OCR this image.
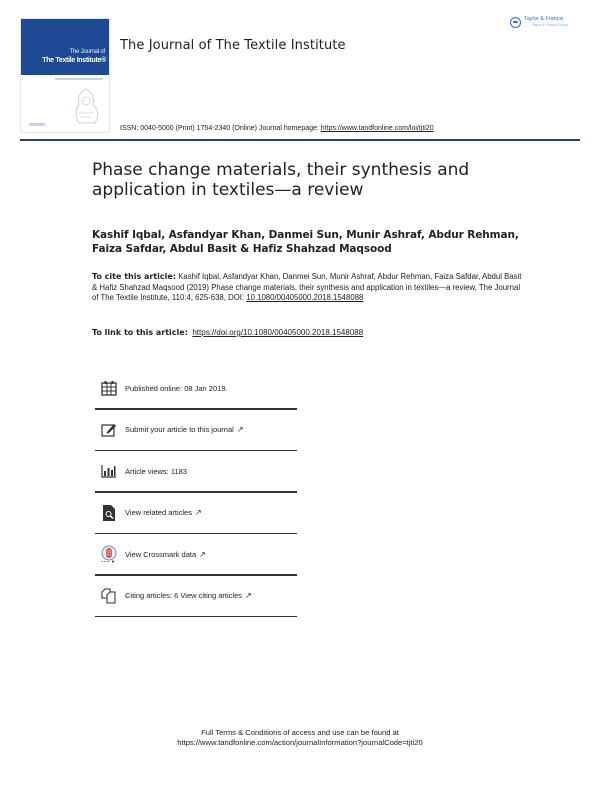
The Journal of
The Textile Institute®
The Journal of The Textile Institute
Taylor & Francis
Taylor & Francis Group
ISSN: 0040-5000 (Print) 1754-2340 (Online) Journal homepage: https://www.tandfonline.com/loi/tjti20
Phase change materials, their synthesis and application in textiles—a review
Kashif Iqbal, Asfandyar Khan, Danmei Sun, Munir Ashraf, Abdur Rehman, Faiza Safdar, Abdul Basit & Hafiz Shahzad Maqsood
To cite this article: Kashif Iqbal, Asfandyar Khan, Danmei Sun, Munir Ashraf, Abdur Rehman, Faiza Safdar, Abdul Basit & Hafiz Shahzad Maqsood (2019) Phase change materials, their synthesis and application in textiles—a review, The Journal of The Textile Institute, 110:4, 625-638, DOI: 10.1080/00405000.2018.1548088
To link to this article: https://doi.org/10.1080/00405000.2018.1548088
Published online: 08 Jan 2019.
Submit your article to this journal ↗
Article views: 1183
View related articles ↗
View Crossmark data ↗
Citing articles: 6 View citing articles ↗
Full Terms & Conditions of access and use can be found at
https://www.tandfonline.com/action/journalInformation?journalCode=tjti20
